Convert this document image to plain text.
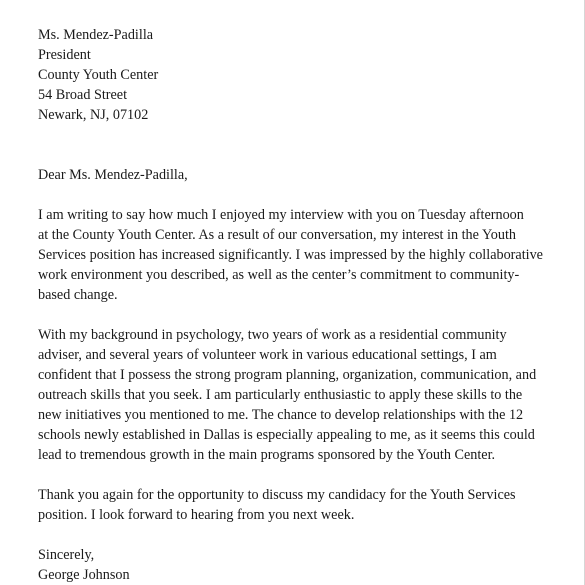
Ms. Mendez-Padilla
President
County Youth Center
54 Broad Street
Newark, NJ, 07102
Dear Ms. Mendez-Padilla,
I am writing to say how much I enjoyed my interview with you on Tuesday afternoon
at the County Youth Center. As a result of our conversation, my interest in the Youth
Services position has increased significantly. I was impressed by the highly collaborative
work environment you described, as well as the center’s commitment to community-
based change.
With my background in psychology, two years of work as a residential community
adviser, and several years of volunteer work in various educational settings, I am
confident that I possess the strong program planning, organization, communication, and
outreach skills that you seek. I am particularly enthusiastic to apply these skills to the
new initiatives you mentioned to me. The chance to develop relationships with the 12
schools newly established in Dallas is especially appealing to me, as it seems this could
lead to tremendous growth in the main programs sponsored by the Youth Center.
Thank you again for the opportunity to discuss my candidacy for the Youth Services
position. I look forward to hearing from you next week.
Sincerely,
George Johnson
